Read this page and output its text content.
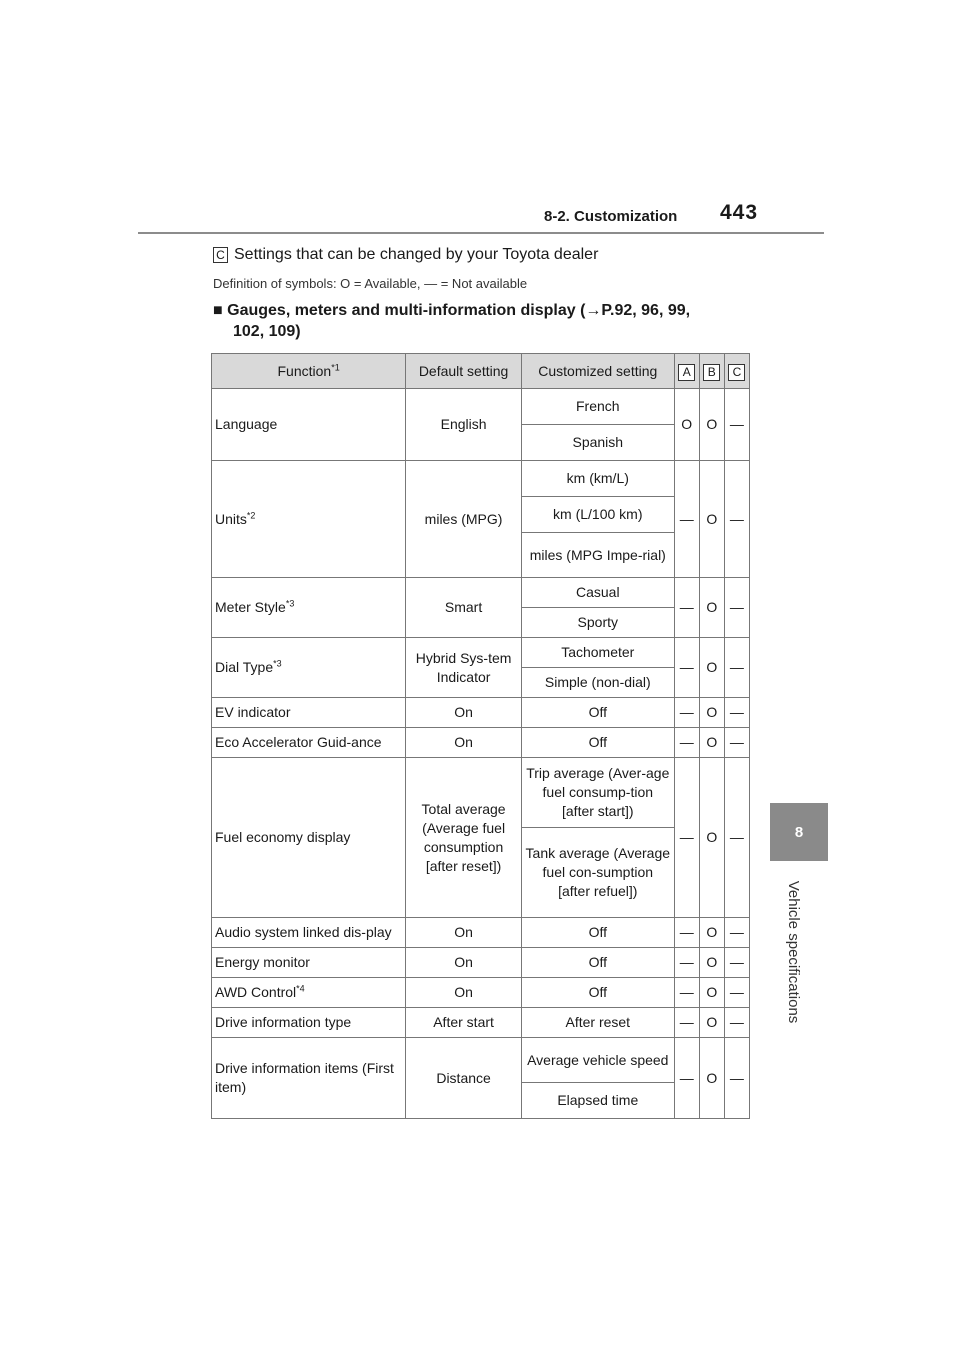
8-2. Customization 443
8
Vehicle specifications
C Settings that can be changed by your Toyota dealer
Definition of symbols: O = Available, — = Not available
■ Gauges, meters and multi-information display (→P.92, 96, 99,
102, 109)
Function$^{*1}$	Default setting	Customized setting	A	B	C
Language	English	French	O	O	—
		Spanish			
Units$^{*2}$	miles (MPG)	km (km/L)	—	O	—
		km (L/100 km)			
		miles (MPG Impe-rial)			
Meter Style$^{*3}$	Smart	Casual	—	O	—
		Sporty			
Dial Type$^{*3}$	Hybrid Sys-tem Indicator	Tachometer	—	O	—
		Simple (non-dial)			
EV indicator	On	Off	—	O	—
Eco Accelerator Guid-ance	On	Off	—	O	—
Fuel economy display	Total average (Average fuel consumption [after reset])	Trip average (Aver-age fuel consump-tion [after start])	—	O	—
		Tank average (Average fuel con-sumption [after refuel])			
Audio system linked dis-play	On	Off	—	O	—
Energy monitor	On	Off	—	O	—
AWD Control$^{*4}$	On	Off	—	O	—
Drive information type	After start	After reset	—	O	—
Drive information items (First item)	Distance	Average vehicle speed	—	O	—
		Elapsed time			
